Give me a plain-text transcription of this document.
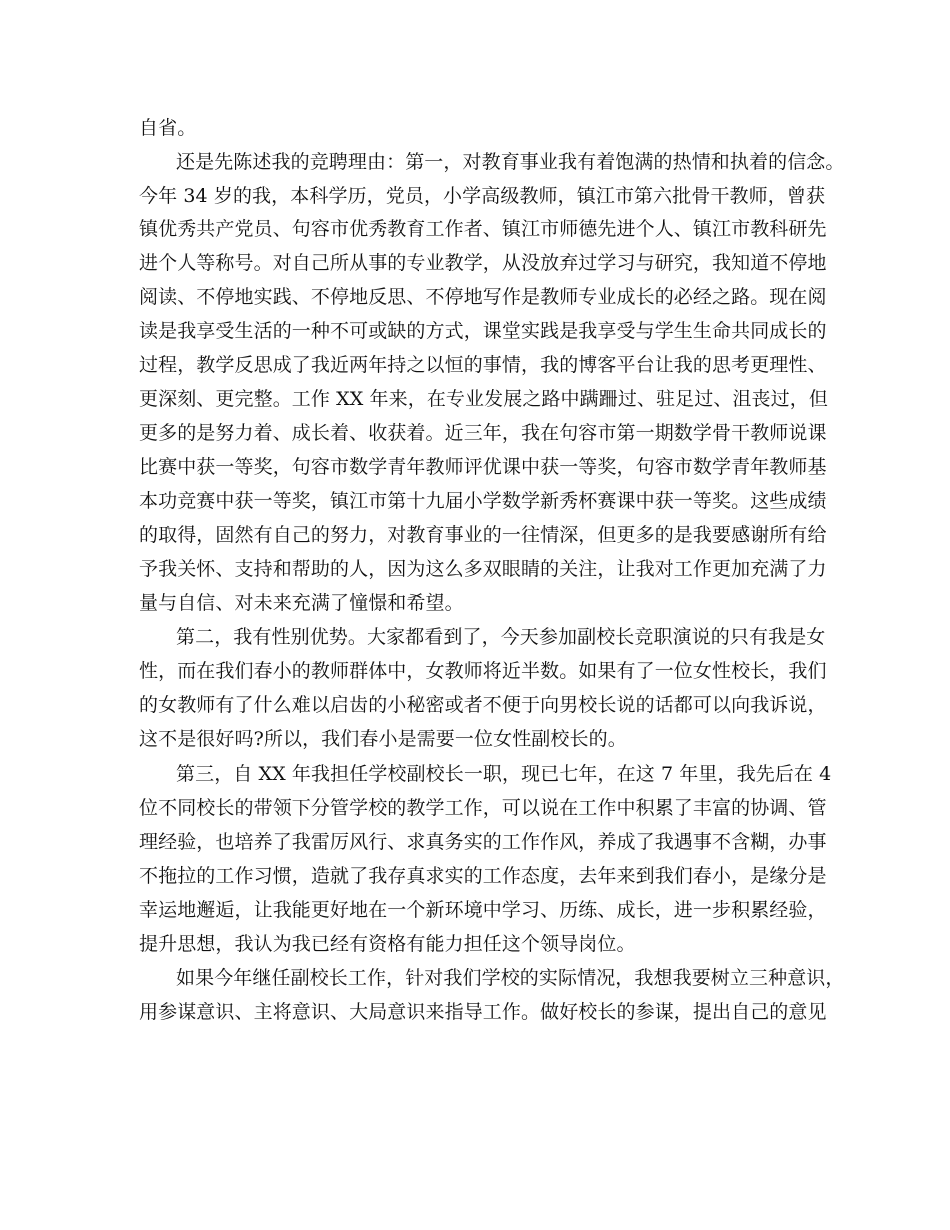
自省。

还是先陈述我的竞聘理由：第一，对教育事业我有着饱满的热情和执着的信念。

今年 34 岁的我，本科学历，党员，小学高级教师，镇江市第六批骨干教师，曾获

镇优秀共产党员、句容市优秀教育工作者、镇江市师德先进个人、镇江市教科研先

进个人等称号。对自己所从事的专业教学，从没放弃过学习与研究，我知道不停地

阅读、不停地实践、不停地反思、不停地写作是教师专业成长的必经之路。现在阅

读是我享受生活的一种不可或缺的方式，课堂实践是我享受与学生生命共同成长的

过程，教学反思成了我近两年持之以恒的事情，我的博客平台让我的思考更理性、

更深刻、更完整。工作 XX 年来，在专业发展之路中蹒跚过、驻足过、沮丧过，但

更多的是努力着、成长着、收获着。近三年，我在句容市第一期数学骨干教师说课

比赛中获一等奖，句容市数学青年教师评优课中获一等奖，句容市数学青年教师基

本功竞赛中获一等奖，镇江市第十九届小学数学新秀杯赛课中获一等奖。这些成绩

的取得，固然有自己的努力，对教育事业的一往情深，但更多的是我要感谢所有给

予我关怀、支持和帮助的人，因为这么多双眼睛的关注，让我对工作更加充满了力

量与自信、对未来充满了憧憬和希望。

第二，我有性别优势。大家都看到了，今天参加副校长竞职演说的只有我是女

性，而在我们春小的教师群体中，女教师将近半数。如果有了一位女性校长，我们

的女教师有了什么难以启齿的小秘密或者不便于向男校长说的话都可以向我诉说，

这不是很好吗?所以，我们春小是需要一位女性副校长的。

第三，自 XX 年我担任学校副校长一职，现已七年，在这 7 年里，我先后在 4

位不同校长的带领下分管学校的教学工作，可以说在工作中积累了丰富的协调、管

理经验，也培养了我雷厉风行、求真务实的工作作风，养成了我遇事不含糊，办事

不拖拉的工作习惯，造就了我存真求实的工作态度，去年来到我们春小，是缘分是

幸运地邂逅，让我能更好地在一个新环境中学习、历练、成长，进一步积累经验，

提升思想，我认为我已经有资格有能力担任这个领导岗位。

如果今年继任副校长工作，针对我们学校的实际情况，我想我要树立三种意识，

用参谋意识、主将意识、大局意识来指导工作。做好校长的参谋，提出自己的意见
